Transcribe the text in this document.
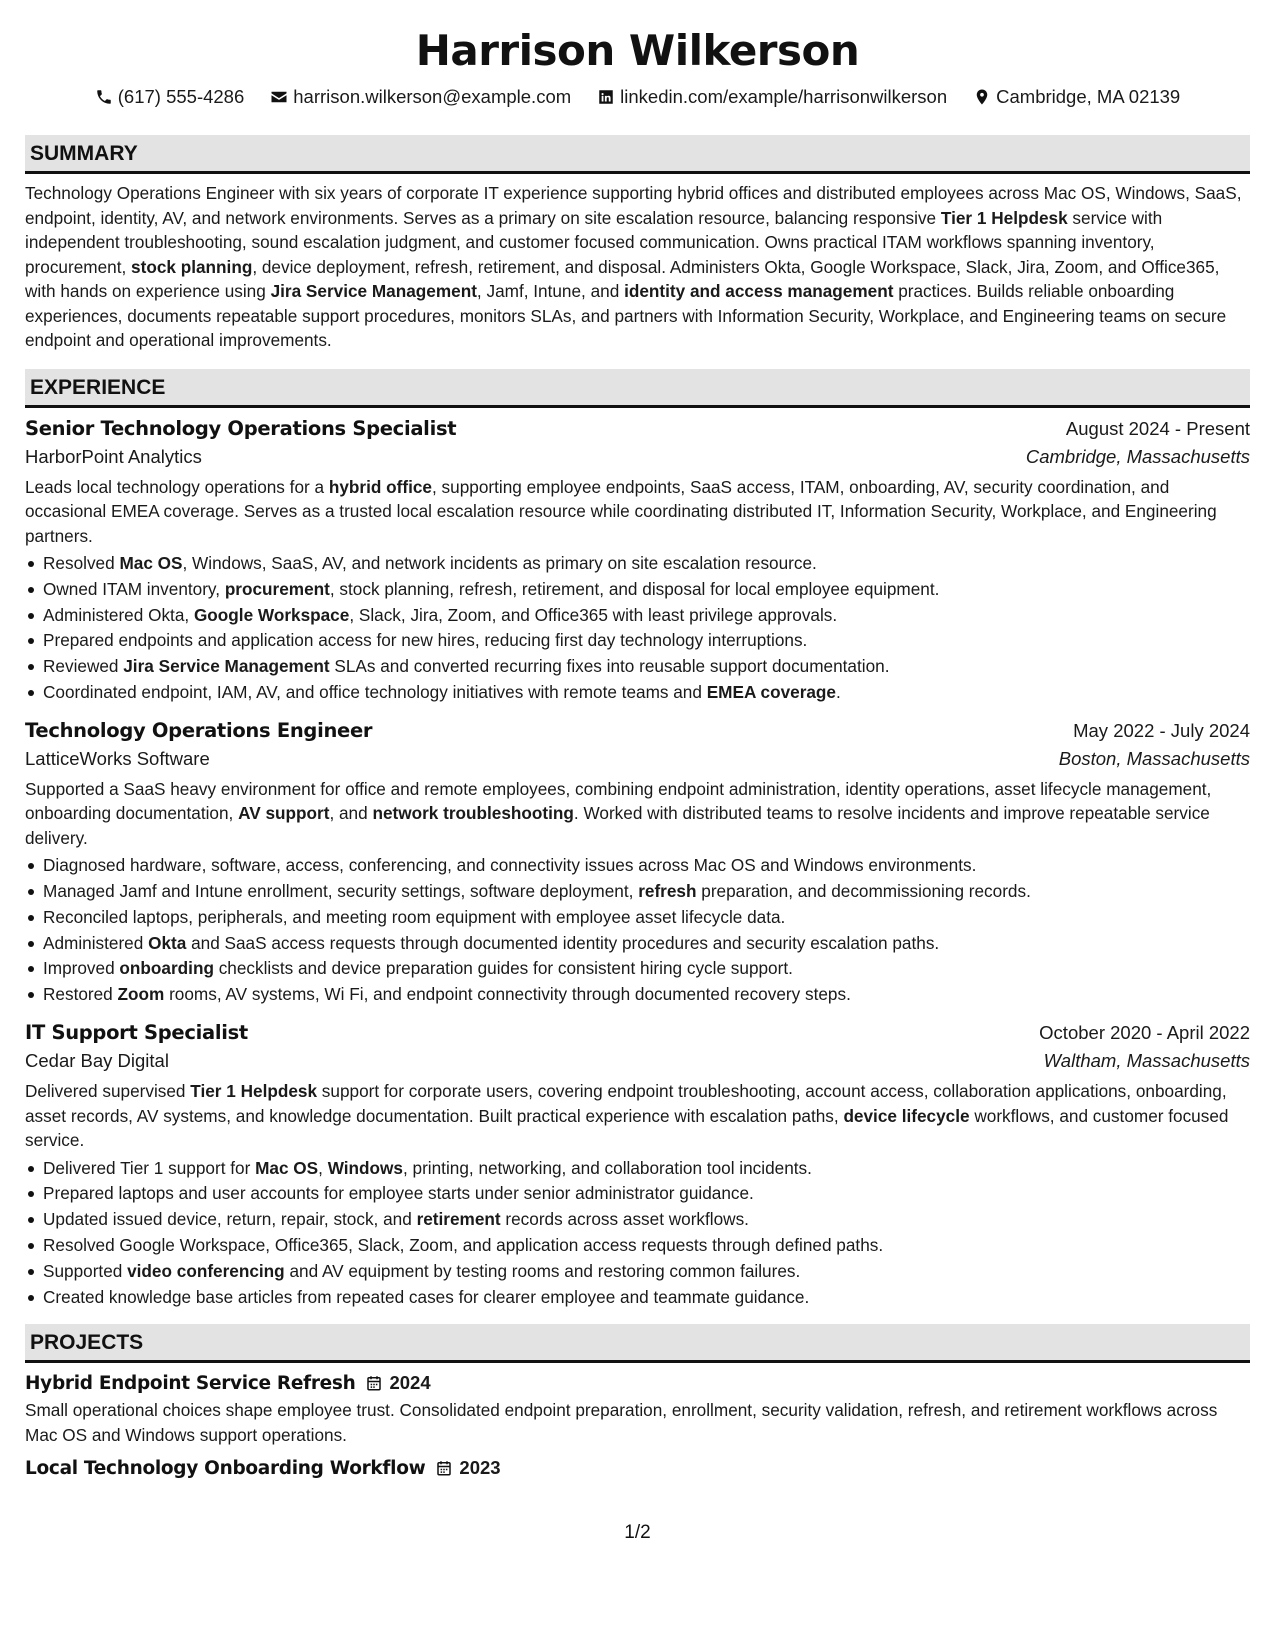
Harrison Wilkerson
(617) 555-4286	harrison.wilkerson@example.com	linkedin.com/example/harrisonwilkerson	Cambridge, MA 02139
SUMMARY

Technology Operations Engineer with six years of corporate IT experience supporting hybrid offices and distributed employees across Mac OS, Windows, SaaS, endpoint, identity, AV, and network environments. Serves as a primary on site escalation resource, balancing responsive Tier 1 Helpdesk service with independent troubleshooting, sound escalation judgment, and customer focused communication. Owns practical ITAM workflows spanning inventory, procurement, stock planning, device deployment, refresh, retirement, and disposal. Administers Okta, Google Workspace, Slack, Jira, Zoom, and Office365, with hands on experience using Jira Service Management, Jamf, Intune, and identity and access management practices. Builds reliable onboarding experiences, documents repeatable support procedures, monitors SLAs, and partners with Information Security, Workplace, and Engineering teams on secure endpoint and operational improvements.

EXPERIENCE
Senior Technology Operations Specialist	August 2024 - Present
HarborPoint Analytics	Cambridge, Massachusetts

Leads local technology operations for a hybrid office, supporting employee endpoints, SaaS access, ITAM, onboarding, AV, security coordination, and occasional EMEA coverage. Serves as a trusted local escalation resource while coordinating distributed IT, Information Security, Workplace, and Engineering partners.

Resolved Mac OS, Windows, SaaS, AV, and network incidents as primary on site escalation resource.
Owned ITAM inventory, procurement, stock planning, refresh, retirement, and disposal for local employee equipment.
Administered Okta, Google Workspace, Slack, Jira, Zoom, and Office365 with least privilege approvals.
Prepared endpoints and application access for new hires, reducing first day technology interruptions.
Reviewed Jira Service Management SLAs and converted recurring fixes into reusable support documentation.
Coordinated endpoint, IAM, AV, and office technology initiatives with remote teams and EMEA coverage.
Technology Operations Engineer	May 2022 - July 2024
LatticeWorks Software	Boston, Massachusetts

Supported a SaaS heavy environment for office and remote employees, combining endpoint administration, identity operations, asset lifecycle management, onboarding documentation, AV support, and network troubleshooting. Worked with distributed teams to resolve incidents and improve repeatable service delivery.

Diagnosed hardware, software, access, conferencing, and connectivity issues across Mac OS and Windows environments.
Managed Jamf and Intune enrollment, security settings, software deployment, refresh preparation, and decommissioning records.
Reconciled laptops, peripherals, and meeting room equipment with employee asset lifecycle data.
Administered Okta and SaaS access requests through documented identity procedures and security escalation paths.
Improved onboarding checklists and device preparation guides for consistent hiring cycle support.
Restored Zoom rooms, AV systems, Wi Fi, and endpoint connectivity through documented recovery steps.
IT Support Specialist	October 2020 - April 2022
Cedar Bay Digital	Waltham, Massachusetts

Delivered supervised Tier 1 Helpdesk support for corporate users, covering endpoint troubleshooting, account access, collaboration applications, onboarding, asset records, AV systems, and knowledge documentation. Built practical experience with escalation paths, device lifecycle workflows, and customer focused service.

Delivered Tier 1 support for Mac OS, Windows, printing, networking, and collaboration tool incidents.
Prepared laptops and user accounts for employee starts under senior administrator guidance.
Updated issued device, return, repair, stock, and retirement records across asset workflows.
Resolved Google Workspace, Office365, Slack, Zoom, and application access requests through defined paths.
Supported video conferencing and AV equipment by testing rooms and restoring common failures.
Created knowledge base articles from repeated cases for clearer employee and teammate guidance.
PROJECTS
Hybrid Endpoint Service Refresh 2024

Small operational choices shape employee trust. Consolidated endpoint preparation, enrollment, security validation, refresh, and retirement workflows across Mac OS and Windows support operations.

Local Technology Onboarding Workflow 2023
1/2
